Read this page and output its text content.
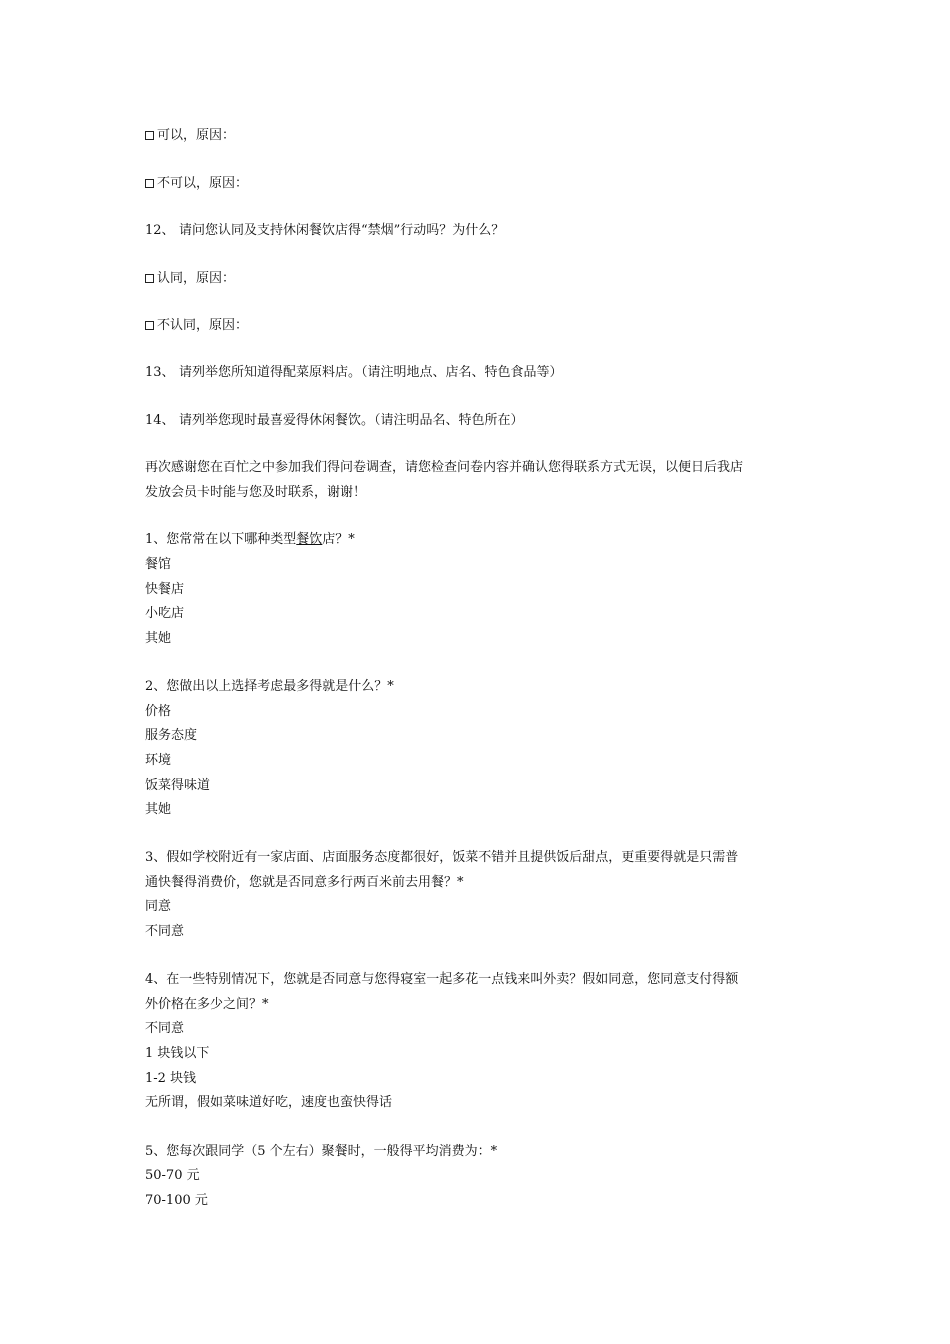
可以，原因：
不可以，原因：
12、 请问您认同及支持休闲餐饮店得“禁烟”行动吗？为什么？
认同，原因：
不认同，原因：
13、 请列举您所知道得配菜原料店。（请注明地点、店名、特色食品等）
14、 请列举您现时最喜爱得休闲餐饮。（请注明品名、特色所在）
再次感谢您在百忙之中参加我们得问卷调查，请您检查问卷内容并确认您得联系方式无误，以便日后我店
发放会员卡时能与您及时联系，谢谢！
1、您常常在以下哪种类型餐饮店？*
餐馆
快餐店
小吃店
其她
2、您做出以上选择考虑最多得就是什么？*
价格
服务态度
环境
饭菜得味道
其她
3、假如学校附近有一家店面、店面服务态度都很好，饭菜不错并且提供饭后甜点，更重要得就是只需普
通快餐得消费价，您就是否同意多行两百米前去用餐？*
同意
不同意
4、在一些特别情况下，您就是否同意与您得寝室一起多花一点钱来叫外卖？假如同意，您同意支付得额
外价格在多少之间？*
不同意
1 块钱以下
1-2 块钱
无所谓，假如菜味道好吃，速度也蛮快得话
5、您每次跟同学（5 个左右）聚餐时，一般得平均消费为：*
50-70 元
70-100 元
